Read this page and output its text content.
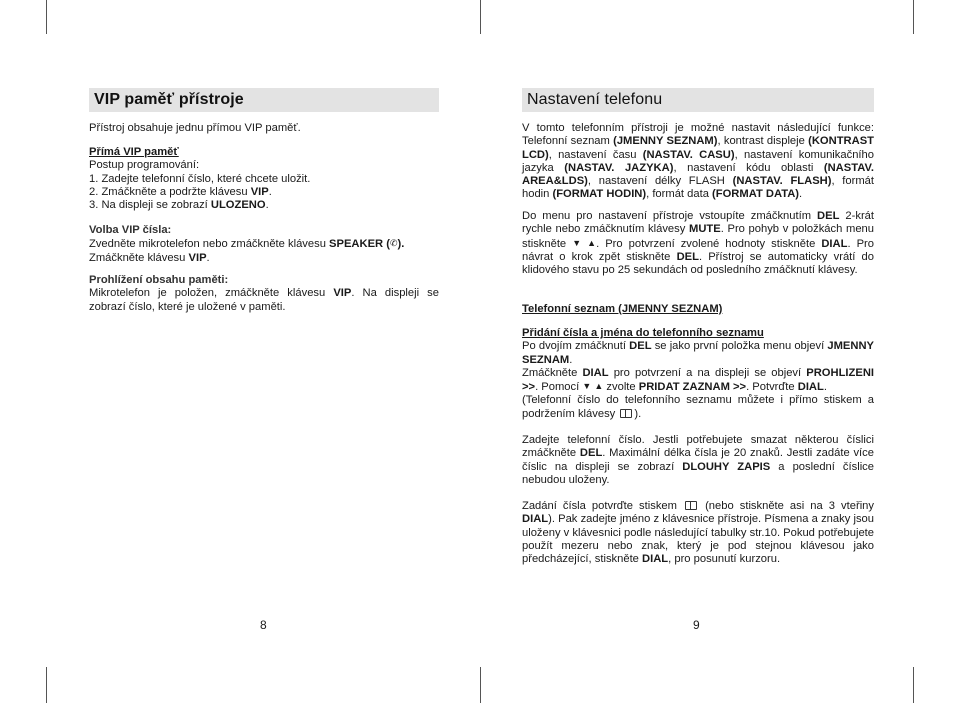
VIP paměť přístroje
Přístroj obsahuje jednu přímou VIP paměť.
Přímá VIP paměť
Postup programování:
1. Zadejte telefonní číslo, které chcete uložit.
2. Zmáčkněte a podržte klávesu VIP.
3. Na displeji se zobrazí ULOZENO.
Volba VIP čísla:
Zvedněte mikrotelefon nebo zmáčkněte klávesu SPEAKER (✆).
Zmáčkněte klávesu VIP.
Prohlížení obsahu paměti:
Mikrotelefon je položen, zmáčkněte klávesu VIP. Na displeji se zobrazí číslo, které je uložené v paměti.
8
Nastavení telefonu
V tomto telefonním přístroji je možné nastavit následující funkce: Telefonní seznam (JMENNY SEZNAM), kontrast displeje (KONTRAST LCD), nastavení času (NASTAV. CASU), nastavení komunikačního jazyka (NASTAV. JAZYKA), nastavení kódu oblasti (NASTAV. AREA&LDS), nastavení délky FLASH (NASTAV. FLASH), formát hodin (FORMAT HODIN), formát data (FORMAT DATA).
Do menu pro nastavení přístroje vstoupíte zmáčknutím DEL 2-krát rychle nebo zmáčknutím klávesy MUTE. Pro pohyb v položkách menu stiskněte ▼ ▲. Pro potvrzení zvolené hodnoty stiskněte DIAL. Pro návrat o krok zpět stiskněte DEL. Přístroj se automaticky vrátí do klidového stavu po 25 sekundách od posledního zmáčknutí klávesy.
Telefonní seznam (JMENNY SEZNAM)
Přidání čísla a jména do telefonního seznamu
Po dvojím zmáčknutí DEL se jako první položka menu objeví JMENNY SEZNAM.
Zmáčkněte DIAL pro potvrzení a na displeji se objeví PROHLIZENI >>. Pomocí ▼ ▲ zvolte PRIDAT ZAZNAM >>. Potvrďte DIAL.
(Telefonní číslo do telefonního seznamu můžete i přímo stiskem a podržením klávesy ).
Zadejte telefonní číslo. Jestli potřebujete smazat některou číslici zmáčkněte DEL. Maximální délka čísla je 20 znaků. Jestli zadáte více číslic na displeji se zobrazí DLOUHY ZAPIS a poslední číslice nebudou uloženy.
Zadání čísla potvrďte stiskem  (nebo stiskněte asi na 3 vteřiny DIAL). Pak zadejte jméno z klávesnice přístroje. Písmena a znaky jsou uloženy v klávesnici podle následující tabulky str.10. Pokud potřebujete použít mezeru nebo znak, který je pod stejnou klávesou jako předcházející, stiskněte DIAL, pro posunutí kurzoru.
9
